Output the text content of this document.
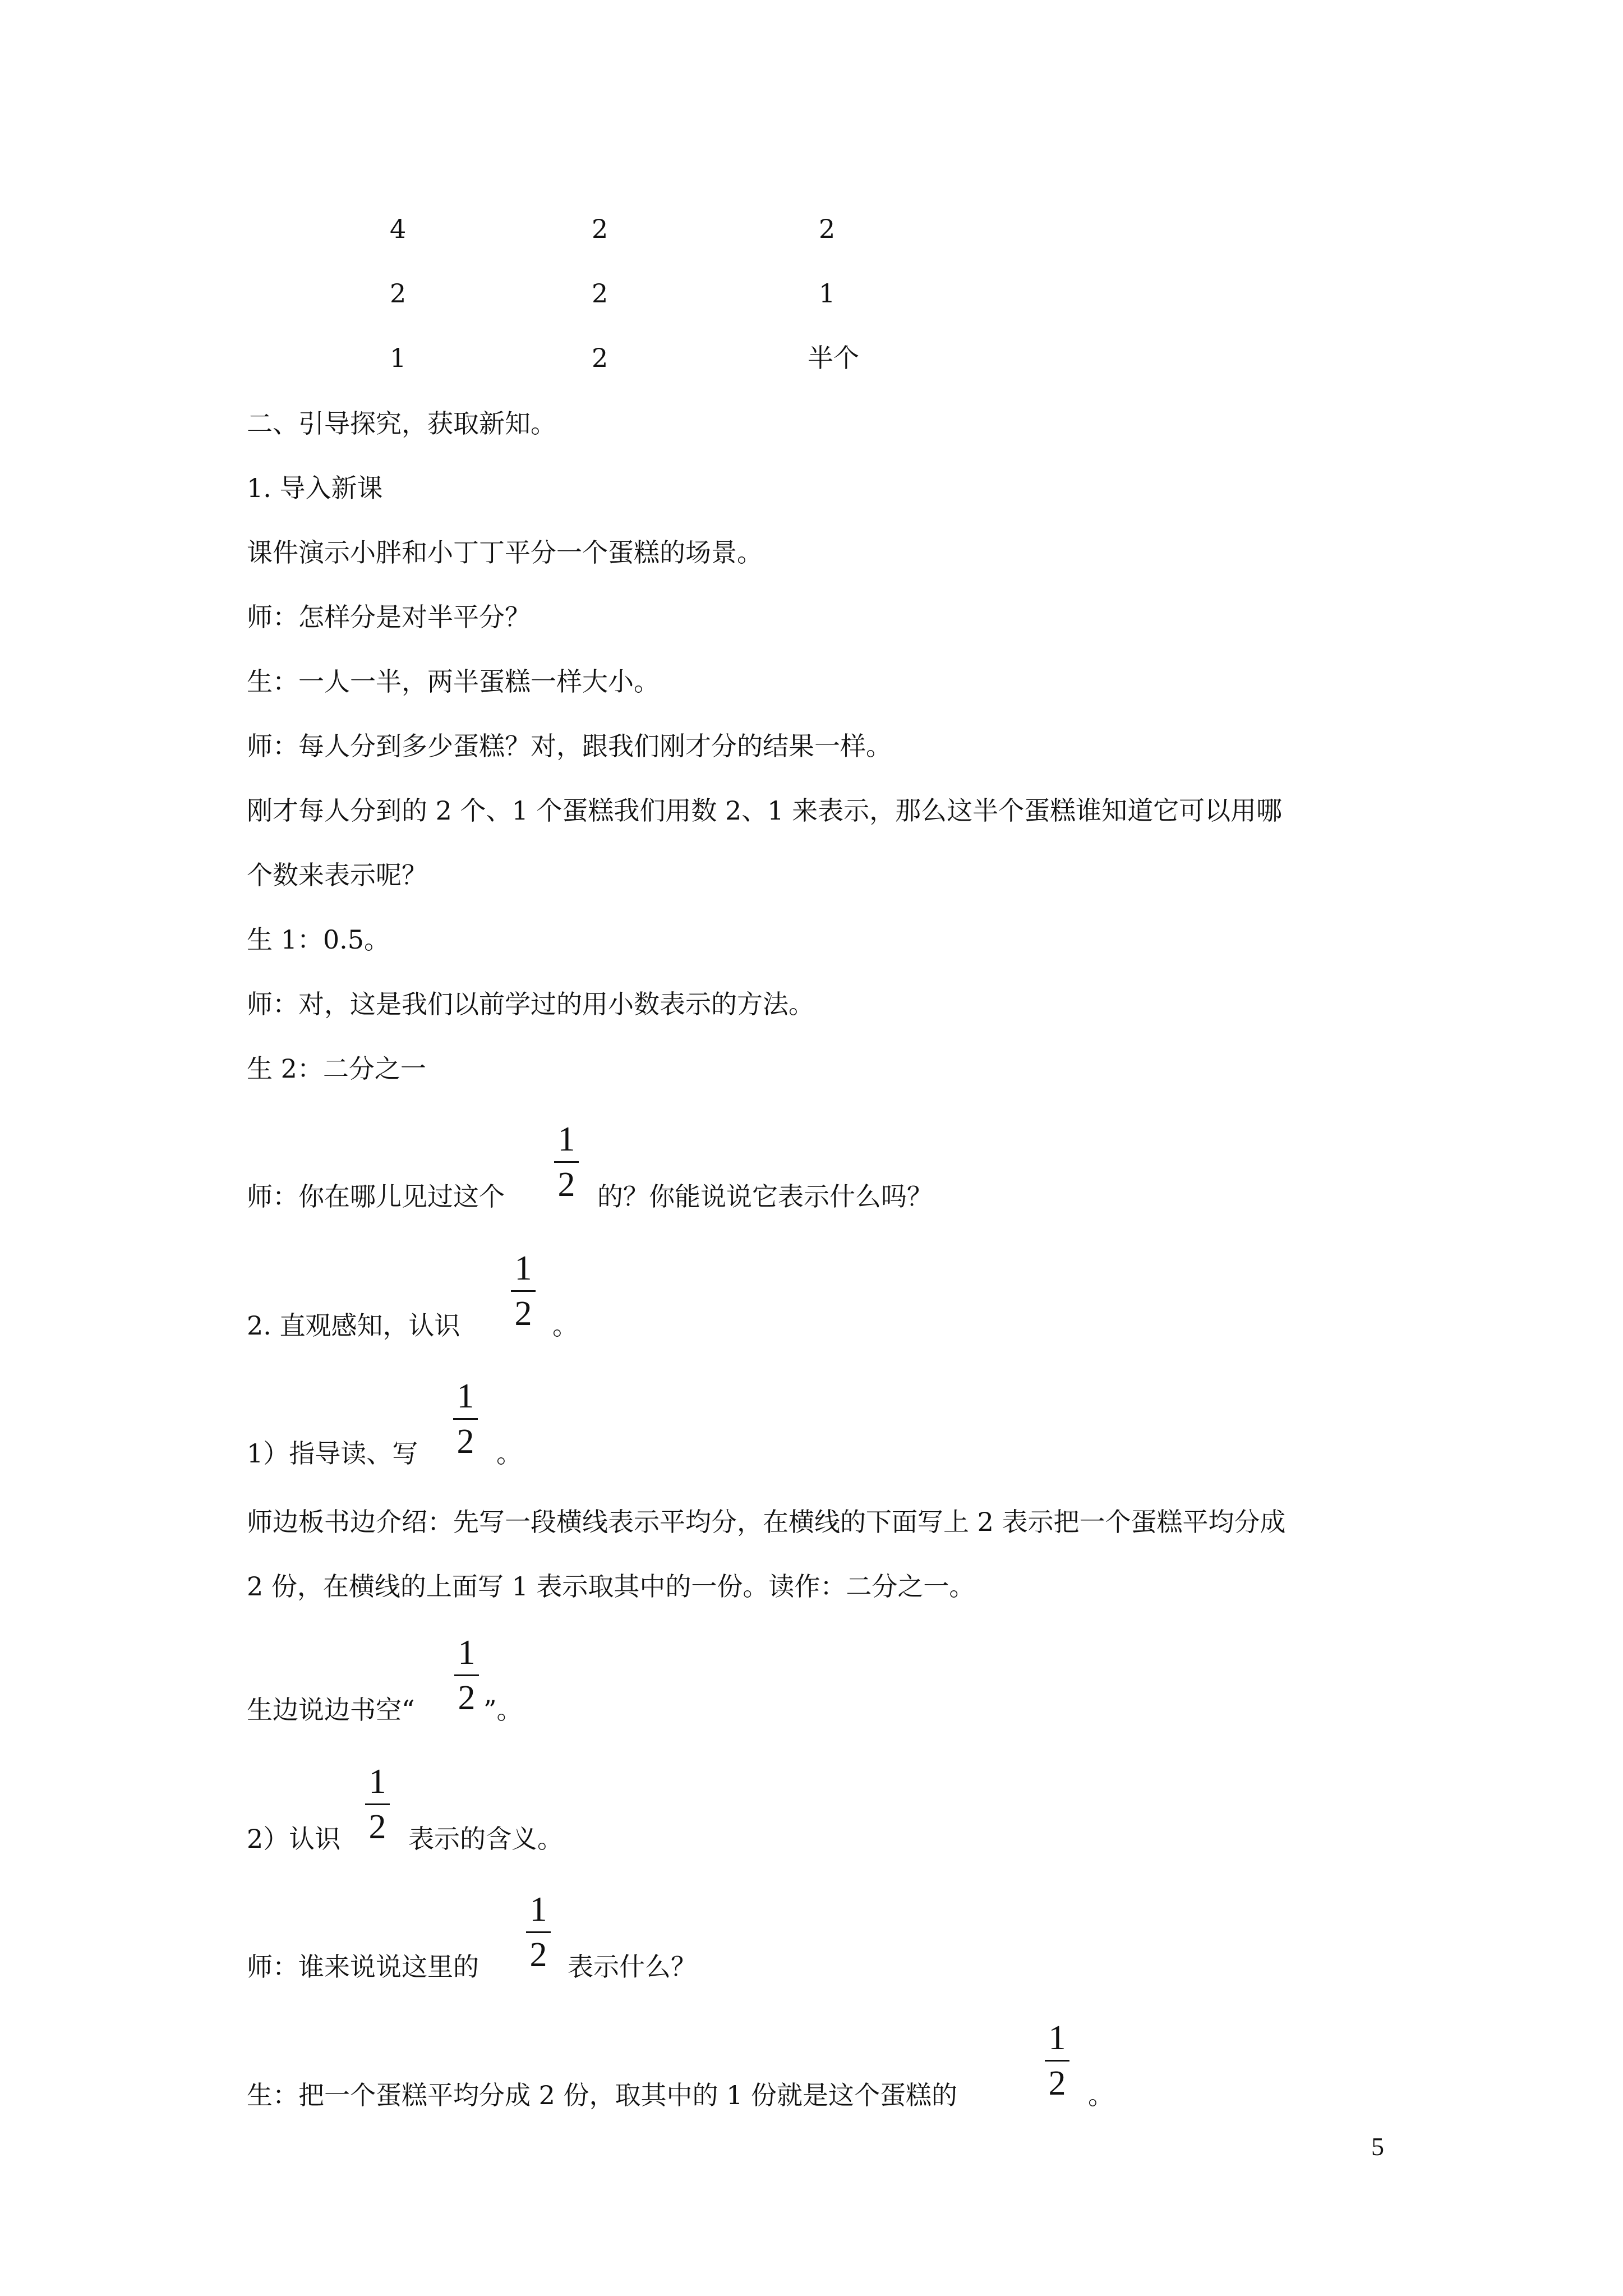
4	2	2
2	2	1
1	2	半个
二、引导探究，获取新知。
1. 导入新课
课件演示小胖和小丁丁平分一个蛋糕的场景。
师：怎样分是对半平分？
生：一人一半，两半蛋糕一样大小。
师：每人分到多少蛋糕？对，跟我们刚才分的结果一样。
刚才每人分到的 2 个、1 个蛋糕我们用数 2、1 来表示，那么这半个蛋糕谁知道它可以用哪
个数来表示呢？
生 1：0.5。
师：对，这是我们以前学过的用小数表示的方法。
生 2：二分之一
师：你在哪儿见过这个
1
2 的？你能说说它表示什么吗？
2. 直观感知，认识
1
2 。
1）指导读、写
1
2 。
师边板书边介绍：先写一段横线表示平均分，在横线的下面写上 2 表示把一个蛋糕平均分成
2 份，在横线的上面写 1 表示取其中的一份。读作：二分之一。
生边说边书空“
1
2 ”。
2）认识
1
2 表示的含义。
师：谁来说说这里的
1
2 表示什么？
生：把一个蛋糕平均分成 2 份，取其中的 1 份就是这个蛋糕的
1
2 。
5
